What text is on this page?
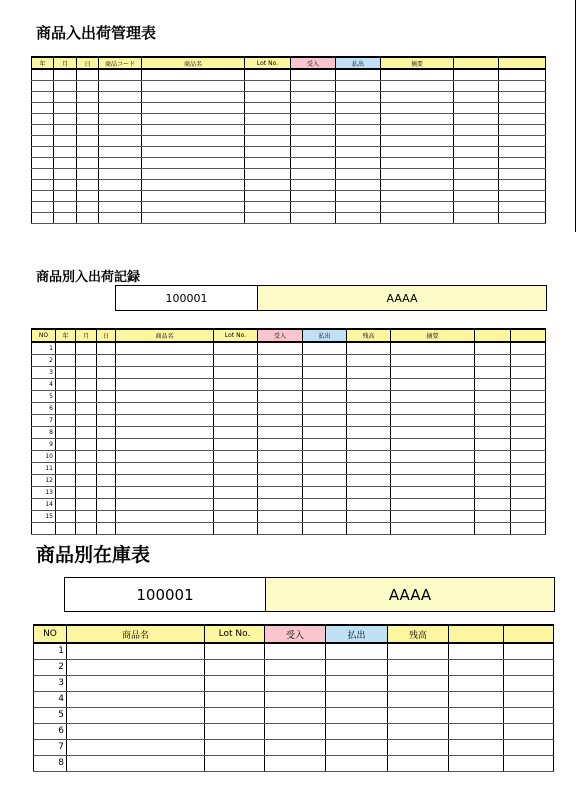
商品入出荷管理表
年	月	日	商品コード	商品名	Lot No.	受入	払出	摘要		

商品別入出荷記録
100001	AAAA
NO	年	月	日	商品名	Lot No.	受入	払出	残高	摘要		
1											
2											
3											
4											
5											
6											
7											
8											
9											
10											
11											
12											
13											
14											
15											

商品別在庫表
100001	AAAA
NO	商品名	Lot No.	受入	払出	残高		
1							
2							
3							
4							
5							
6							
7							
8							
